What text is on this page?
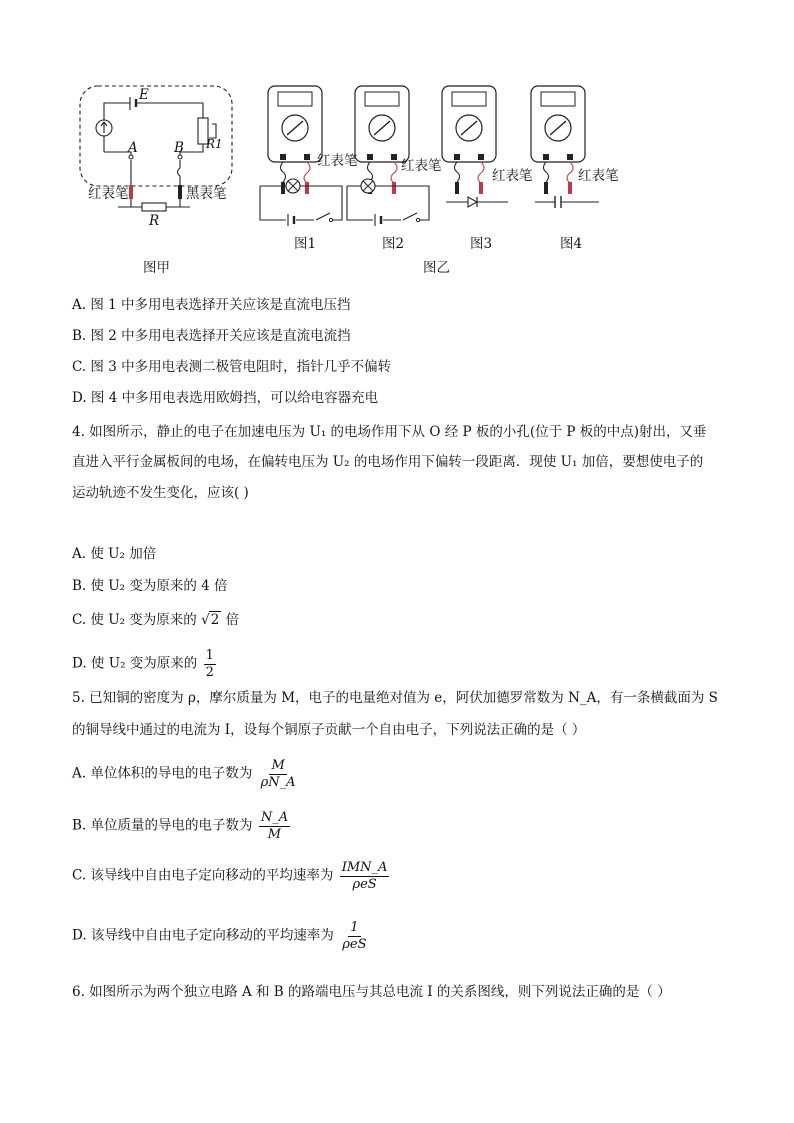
E
A	B R1
R
红表笔	黑表笔
图甲
红表笔	红表笔
红表笔	红表笔
图1	图2	图3	图4
图乙
A. 图 1 中多用电表选择开关应该是直流电压挡
B. 图 2 中多用电表选择开关应该是直流电流挡
C. 图 3 中多用电表测二极管电阻时，指针几乎不偏转
D. 图 4 中多用电表选用欧姆挡，可以给电容器充电
4. 如图所示，静止的电子在加速电压为 U₁ 的电场作用下从 O 经 P 板的小孔(位于 P 板的中点)射出，又垂
直进入平行金属板间的电场，在偏转电压为 U₂ 的电场作用下偏转一段距离．现使 U₁ 加倍，要想使电子的
运动轨迹不发生变化，应该( )
A. 使 U₂ 加倍
B. 使 U₂ 变为原来的 4 倍
C. 使 U₂ 变为原来的 √2 倍
D. 使 U₂ 变为原来的 $\frac{1}{2}$
5. 已知铜的密度为 ρ，摩尔质量为 M，电子的电量绝对值为 e，阿伏加德罗常数为 N_A，有一条横截面为 S
的铜导线中通过的电流为 I，设每个铜原子贡献一个自由电子，下列说法正确的是（ ）
A. 单位体积的导电的电子数为 $\frac{M}{\rho N\_A}$
B. 单位质量的导电的电子数为 $\frac{N\_A}{M}$
C. 该导线中自由电子定向移动的平均速率为 $\frac{\text{IMN\_A}}{\text{ρeS}}$
D. 该导线中自由电子定向移动的平均速率为 $\frac{1}{\text{ρeS}}$
6. 如图所示为两个独立电路 A 和 B 的路端电压与其总电流 I 的关系图线，则下列说法正确的是（ ）
